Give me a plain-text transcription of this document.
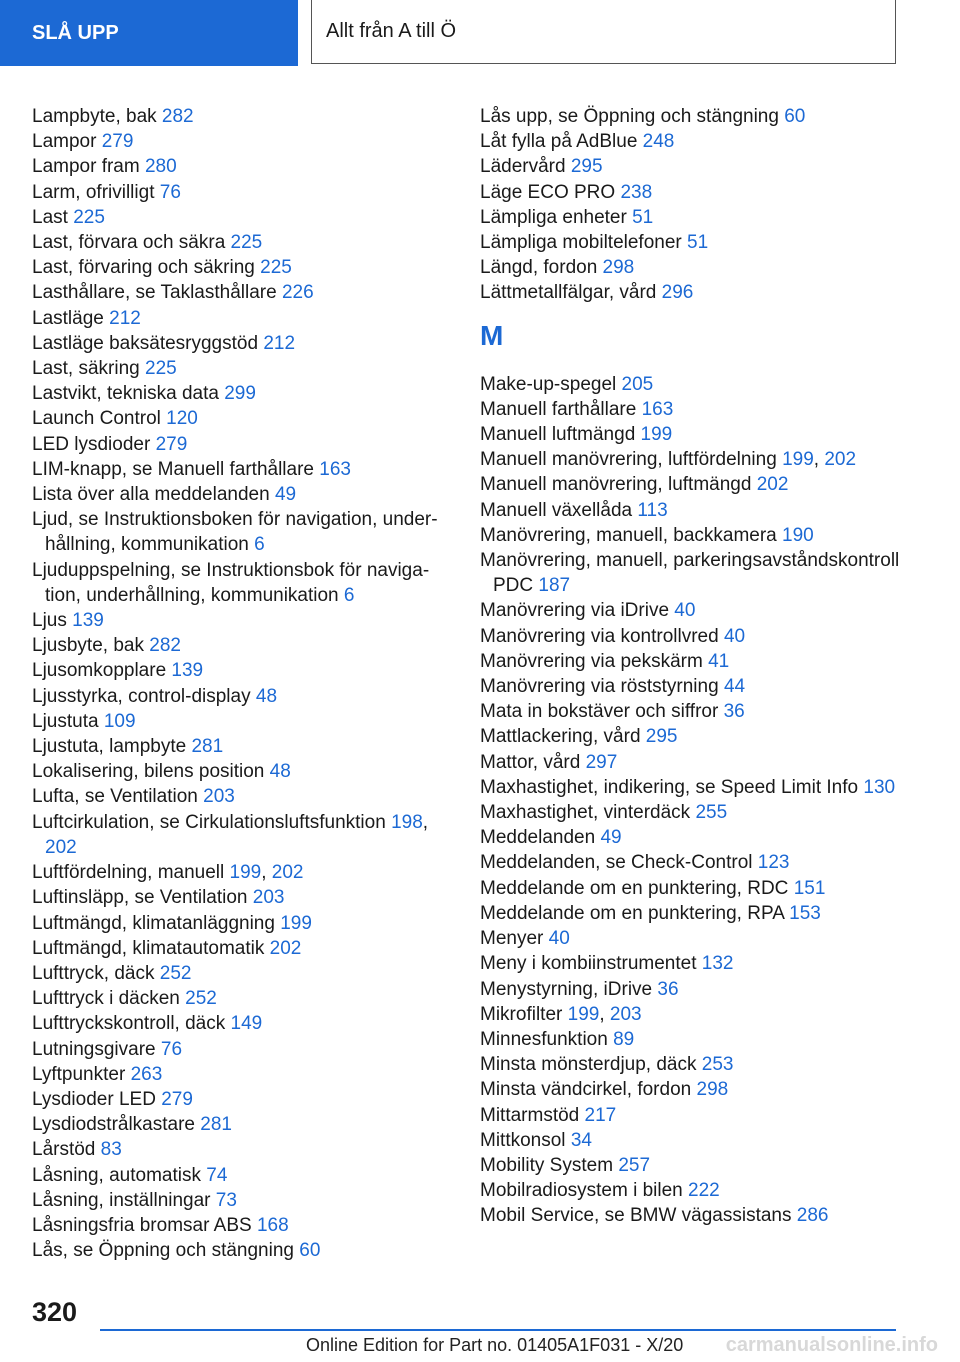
SLÅ UPP	Allt från A till Ö
Lampbyte, bak 282
Lampor 279
Lampor fram 280
Larm, ofrivilligt 76
Last 225
Last, förvara och säkra 225
Last, förvaring och säkring 225
Lasthållare, se Taklasthållare 226
Lastläge 212
Lastläge baksätesryggstöd 212
Last, säkring 225
Lastvikt, tekniska data 299
Launch Control 120
LED lysdioder 279
LIM-knapp, se Manuell farthållare 163
Lista över alla meddelanden 49
Ljud, se Instruktionsboken för navigation, underhållning, kommunikation 6
Ljuduppspelning, se Instruktionsbok för navigation, underhållning, kommunikation 6
Ljus 139
Ljusbyte, bak 282
Ljusomkopplare 139
Ljusstyrka, control-display 48
Ljustuta 109
Ljustuta, lampbyte 281
Lokalisering, bilens position 48
Lufta, se Ventilation 203
Luftcirkulation, se Cirkulationsluftsfunktion 198, 202
Luftfördelning, manuell 199, 202
Luftinsläpp, se Ventilation 203
Luftmängd, klimatanläggning 199
Luftmängd, klimatautomatik 202
Lufttryck, däck 252
Lufttryck i däcken 252
Lufttryckskontroll, däck 149
Lutningsgivare 76
Lyftpunkter 263
Lysdioder LED 279
Lysdiodstrålkastare 281
Lårstöd 83
Låsning, automatisk 74
Låsning, inställningar 73
Låsningsfria bromsar ABS 168
Lås, se Öppning och stängning 60
Lås upp, se Öppning och stängning 60
Låt fylla på AdBlue 248
Lädervård 295
Läge ECO PRO 238
Lämpliga enheter 51
Lämpliga mobiltelefoner 51
Längd, fordon 298
Lättmetallfälgar, vård 296
M
Make-up-spegel 205
Manuell farthållare 163
Manuell luftmängd 199
Manuell manövrering, luftfördelning 199, 202
Manuell manövrering, luftmängd 202
Manuell växellåda 113
Manövrering, manuell, backkamera 190
Manövrering, manuell, parkeringsavståndskontroll PDC 187
Manövrering via iDrive 40
Manövrering via kontrollvred 40
Manövrering via pekskärm 41
Manövrering via röststyrning 44
Mata in bokstäver och siffror 36
Mattlackering, vård 295
Mattor, vård 297
Maxhastighet, indikering, se Speed Limit Info 130
Maxhastighet, vinterdäck 255
Meddelanden 49
Meddelanden, se Check-Control 123
Meddelande om en punktering, RDC 151
Meddelande om en punktering, RPA 153
Menyer 40
Meny i kombiinstrumentet 132
Menystyrning, iDrive 36
Mikrofilter 199, 203
Minnesfunktion 89
Minsta mönsterdjup, däck 253
Minsta vändcirkel, fordon 298
Mittarmstöd 217
Mittkonsol 34
Mobility System 257
Mobilradiosystem i bilen 222
Mobil Service, se BMW vägassistans 286
320
Online Edition for Part no. 01405A1F031 - X/20 carmanualsonline.info
